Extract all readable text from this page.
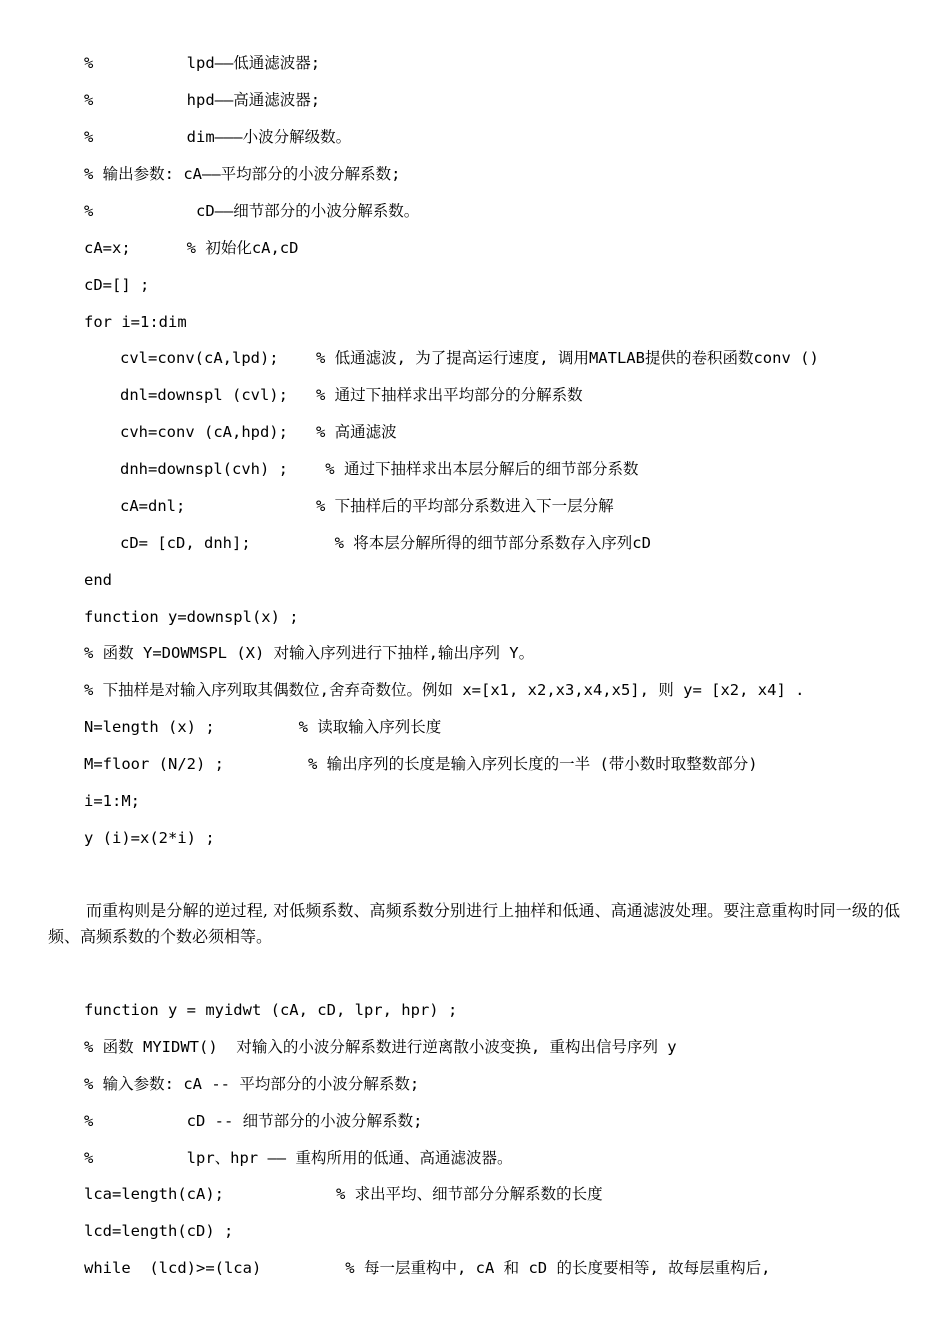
%          lpd——低通滤波器;
%          hpd——高通滤波器;
%          dim———小波分解级数。
% 输出参数: cA——平均部分的小波分解系数;
%           cD——细节部分的小波分解系数。
cA=x;      % 初始化cA,cD
cD=[] ;
for i=1:dim
cvl=conv(cA,lpd);    % 低通滤波, 为了提高运行速度, 调用MATLAB提供的卷积函数conv ()
dnl=downspl (cvl);   % 通过下抽样求出平均部分的分解系数
cvh=conv (cA,hpd);   % 高通滤波
dnh=downspl(cvh) ;    % 通过下抽样求出本层分解后的细节部分系数
cA=dnl;              % 下抽样后的平均部分系数进入下一层分解
cD= [cD, dnh];         % 将本层分解所得的细节部分系数存入序列cD
end
function y=downspl(x) ;
% 函数 Y=DOWMSPL (X) 对输入序列进行下抽样,输出序列 Y。
% 下抽样是对输入序列取其偶数位,舍弃奇数位。例如 x=[x1, x2,x3,x4,x5], 则 y= [x2, x4] .
N=length (x) ;         % 读取输入序列长度
M=floor (N/2) ;         % 输出序列的长度是输入序列长度的一半 (带小数时取整数部分)
i=1:M;
y (i)=x(2*i) ;
而重构则是分解的逆过程, 对低频系数、高频系数分别进行上抽样和低通、高通滤波处理。要注意重构时同一级的低频、高频系数的个数必须相等。
function y = myidwt (cA, cD, lpr, hpr) ;
% 函数 MYIDWT()  对输入的小波分解系数进行逆离散小波变换, 重构出信号序列 y
% 输入参数: cA -- 平均部分的小波分解系数;
%          cD -- 细节部分的小波分解系数;
%          lpr、hpr —— 重构所用的低通、高通滤波器。
lca=length(cA);            % 求出平均、细节部分分解系数的长度
lcd=length(cD) ;
while  (lcd)>=(lca)         % 每一层重构中, cA 和 cD 的长度要相等, 故每层重构后,
